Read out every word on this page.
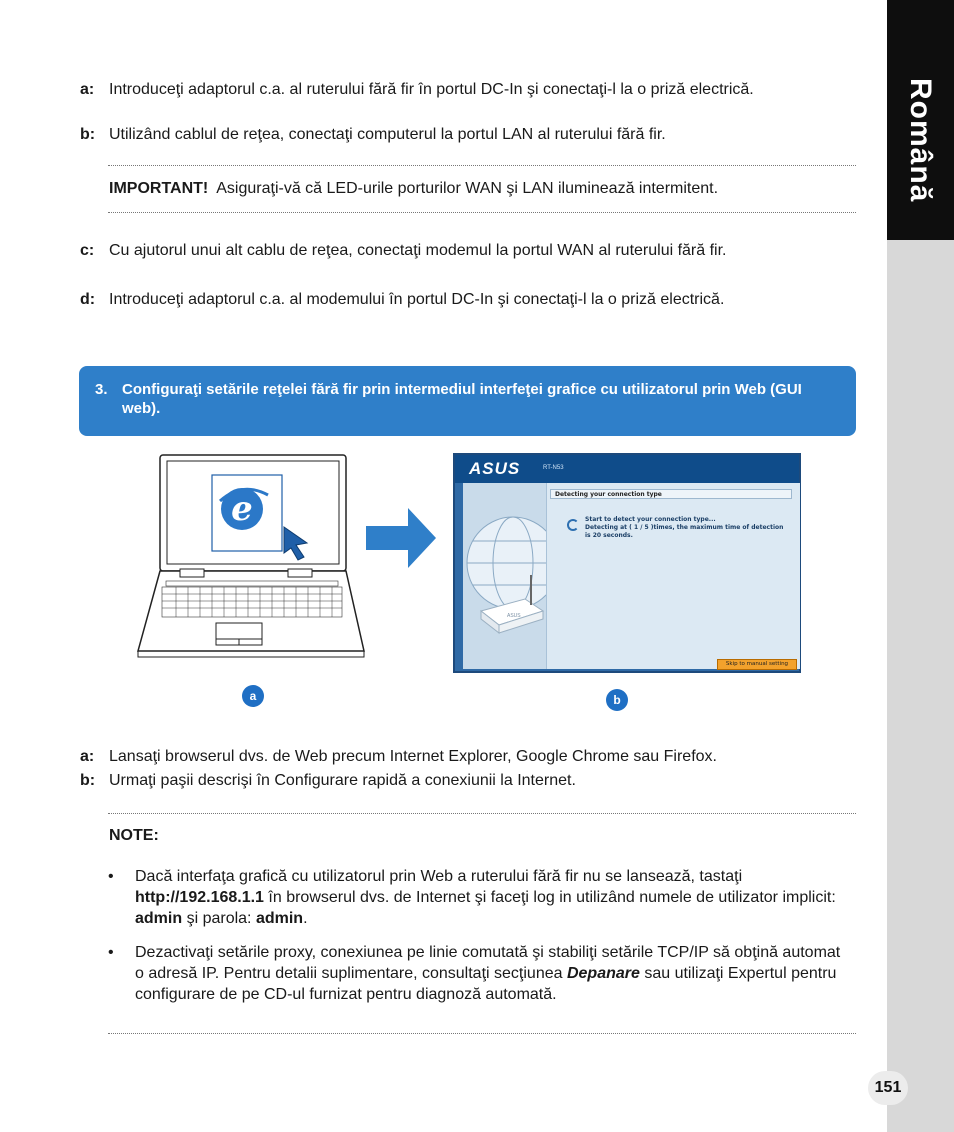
Română
a: Introduceţi adaptorul c.a. al ruterului fără fir în portul DC-In şi conectaţi-l la o priză electrică.
b: Utilizând cablul de reţea, conectaţi computerul la portul LAN al ruterului fără fir.
IMPORTANT! Asiguraţi-vă că LED-urile porturilor WAN şi LAN iluminează intermitent.
c: Cu ajutorul unui alt cablu de reţea, conectaţi modemul la portul WAN al ruterului fără fir.
d: Introduceţi adaptorul c.a. al modemului în portul DC-In şi conectaţi-l la o priză electrică.
3. Configuraţi setările reţelei fără fir prin intermediul interfeţei grafice cu utilizatorul prin Web (GUI web).
e
ASUS	RT-N53
ASUS
Detecting your connection type
Start to detect your connection type...
Detecting at ( 1 / 5 )times, the maximum time of detection is 20 seconds.
Skip to manual setting
a	b
a: Lansaţi browserul dvs. de Web precum Internet Explorer, Google Chrome sau Firefox.
b: Urmaţi paşii descrişi în Configurare rapidă a conexiunii la Internet.
NOTE:
• Dacă interfaţa grafică cu utilizatorul prin Web a ruterului fără fir nu se lansează, tastaţi http://192.168.1.1 în browserul dvs. de Internet şi faceţi log in utilizând numele de utilizator implicit: admin şi parola: admin.
• Dezactivaţi setările proxy, conexiunea pe linie comutată şi stabiliţi setările TCP/IP să obţină automat o adresă IP. Pentru detalii suplimentare, consultaţi secţiunea Depanare sau utilizaţi Expertul pentru configurare de pe CD-ul furnizat pentru diagnoză automată.
151
